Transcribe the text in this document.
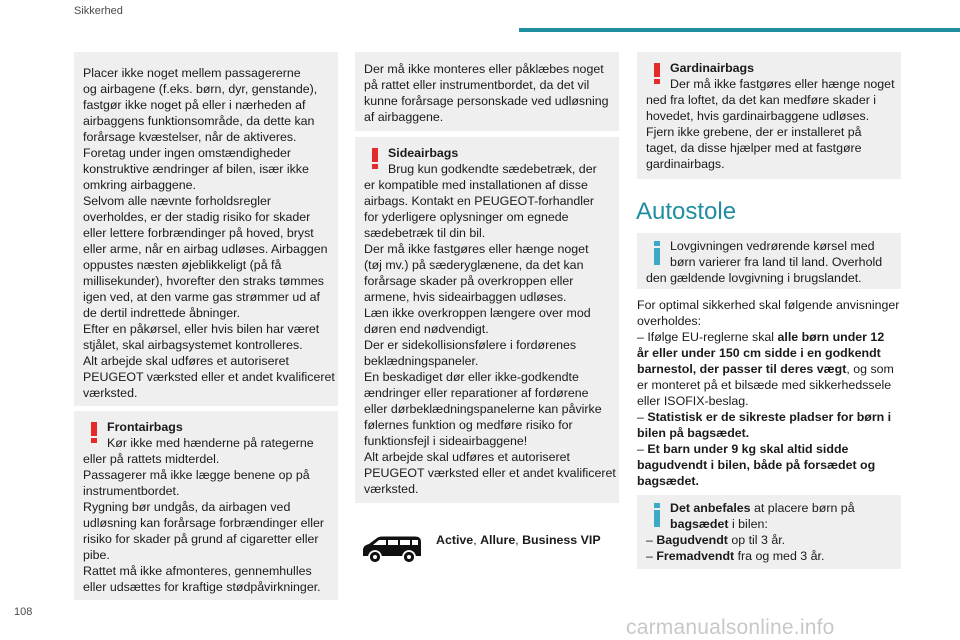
Sikkerhed
Placer ikke noget mellem passagererne
og airbagene (f.eks. børn, dyr, genstande),
fastgør ikke noget på eller i nærheden af
airbaggens funktionsområde, da dette kan
forårsage kvæstelser, når de aktiveres.
Foretag under ingen omstændigheder
konstruktive ændringer af bilen, især ikke
omkring airbaggene.
Selvom alle nævnte forholdsregler
overholdes, er der stadig risiko for skader
eller lettere forbrændinger på hoved, bryst
eller arme, når en airbag udløses. Airbaggen
oppustes næsten øjeblikkeligt (på få
millisekunder), hvorefter den straks tømmes
igen ved, at den varme gas strømmer ud af
de dertil indrettede åbninger.
Efter en påkørsel, eller hvis bilen har været
stjålet, skal airbagsystemet kontrolleres.
Alt arbejde skal udføres et autoriseret
PEUGEOT værksted eller et andet kvalificeret
værksted.
Frontairbags
Kør ikke med hænderne på rategerne
eller på rattets midterdel.
Passagerer må ikke lægge benene op på
instrumentbordet.
Rygning bør undgås, da airbagen ved
udløsning kan forårsage forbrændinger eller
risiko for skader på grund af cigaretter eller
pibe.
Rattet må ikke afmonteres, gennemhulles
eller udsættes for kraftige stødpåvirkninger.
Der må ikke monteres eller påklæbes noget
på rattet eller instrumentbordet, da det vil
kunne forårsage personskade ved udløsning
af airbaggene.
Sideairbags
Brug kun godkendte sædebetræk, der
er kompatible med installationen af disse
airbags. Kontakt en PEUGEOT-forhandler
for yderligere oplysninger om egnede
sædebetræk til din bil.
Der må ikke fastgøres eller hænge noget
(tøj mv.) på sæderyglænene, da det kan
forårsage skader på overkroppen eller
armene, hvis sideairbaggen udløses.
Læn ikke overkroppen længere over mod
døren end nødvendigt.
Der er sidekollisionsfølere i fordørenes
beklædningspaneler.
En beskadiget dør eller ikke-godkendte
ændringer eller reparationer af fordørene
eller dørbeklædningspanelerne kan påvirke
følernes funktion og medføre risiko for
funktionsfejl i sideairbaggene!
Alt arbejde skal udføres et autoriseret
PEUGEOT værksted eller et andet kvalificeret
værksted.
Active, Allure, Business VIP
Gardinairbags
Der må ikke fastgøres eller hænge noget
ned fra loftet, da det kan medføre skader i
hovedet, hvis gardinairbaggene udløses.
Fjern ikke grebene, der er installeret på
taget, da disse hjælper med at fastgøre
gardinairbags.
Autostole
Lovgivningen vedrørende kørsel med
børn varierer fra land til land. Overhold
den gældende lovgivning i brugslandet.
For optimal sikkerhed skal følgende anvisninger
overholdes:
– Ifølge EU-reglerne skal alle børn under 12
år eller under 150 cm sidde i en godkendt
barnestol, der passer til deres vægt, og som
er monteret på et bilsæde med sikkerhedssele
eller ISOFIX-beslag.
– Statistisk er de sikreste pladser for børn i
bilen på bagsædet.
– Et barn under 9 kg skal altid sidde
bagudvendt i bilen, både på forsædet og
bagsædet.
Det anbefales at placere børn på
bagsædet i bilen:
– Bagudvendt op til 3 år.
– Fremadvendt fra og med 3 år.
108
carmanualsonline.info
